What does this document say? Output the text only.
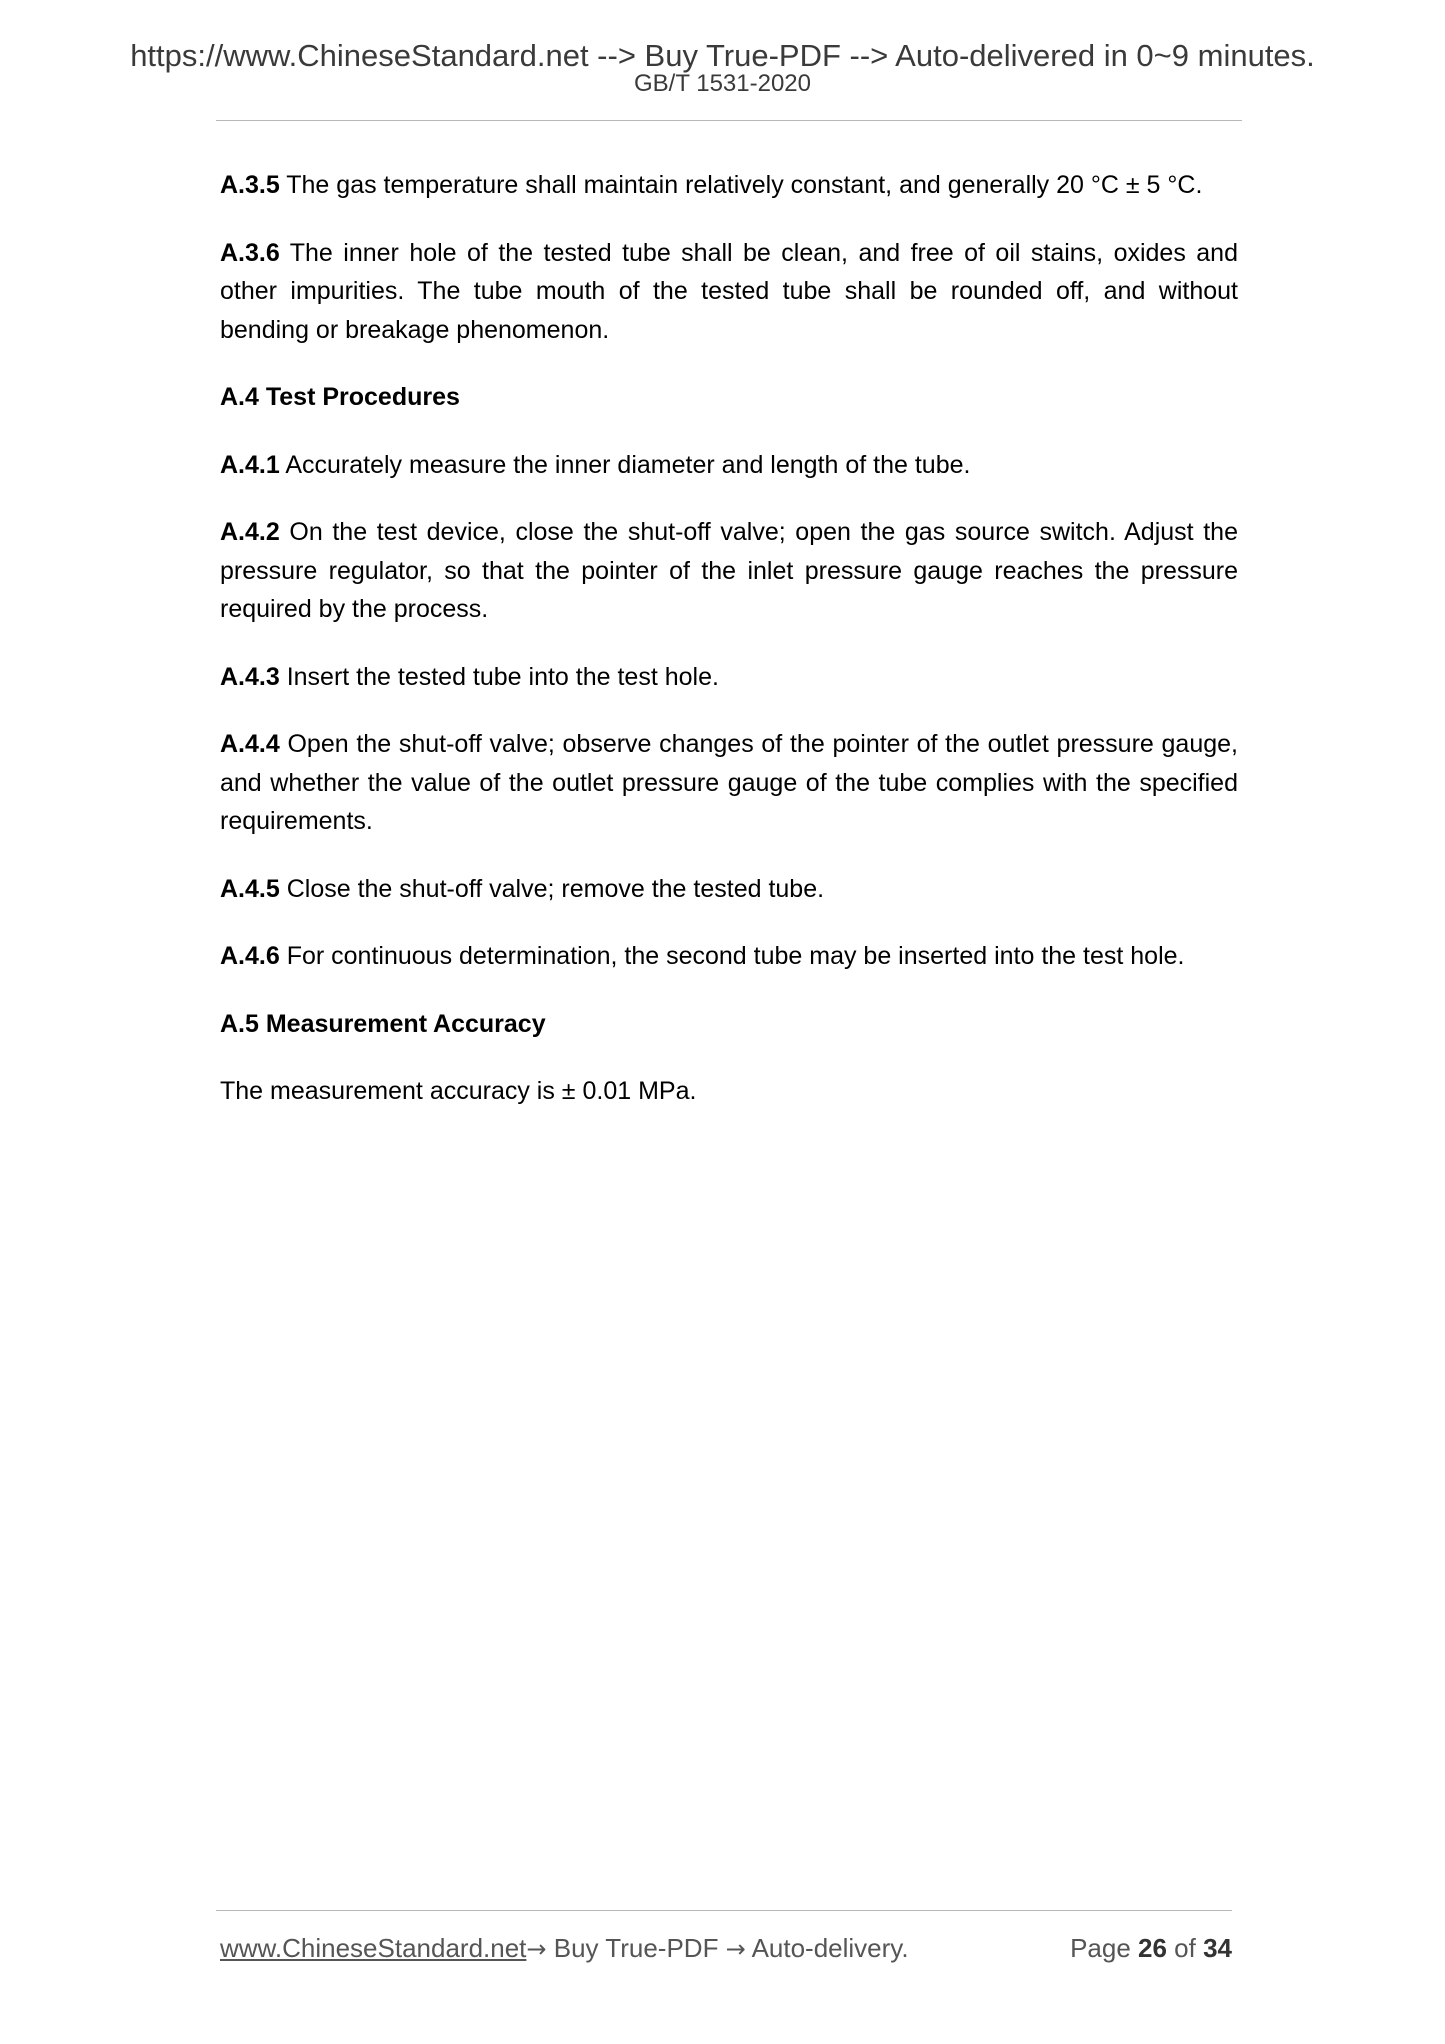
https://www.ChineseStandard.net --> Buy True-PDF --> Auto-delivered in 0~9 minutes.
GB/T 1531-2020

A.3.5 The gas temperature shall maintain relatively constant, and generally 20 °C ± 5 °C.

A.3.6 The inner hole of the tested tube shall be clean, and free of oil stains, oxides and other impurities. The tube mouth of the tested tube shall be rounded off, and without bending or breakage phenomenon.

A.4 Test Procedures

A.4.1 Accurately measure the inner diameter and length of the tube.

A.4.2 On the test device, close the shut-off valve; open the gas source switch. Adjust the pressure regulator, so that the pointer of the inlet pressure gauge reaches the pressure required by the process.

A.4.3 Insert the tested tube into the test hole.

A.4.4 Open the shut-off valve; observe changes of the pointer of the outlet pressure gauge, and whether the value of the outlet pressure gauge of the tube complies with the specified requirements.

A.4.5 Close the shut-off valve; remove the tested tube.

A.4.6 For continuous determination, the second tube may be inserted into the test hole.

A.5 Measurement Accuracy

The measurement accuracy is ± 0.01 MPa.

www.ChineseStandard.net→ Buy True-PDF → Auto-delivery.	Page 26 of 34
